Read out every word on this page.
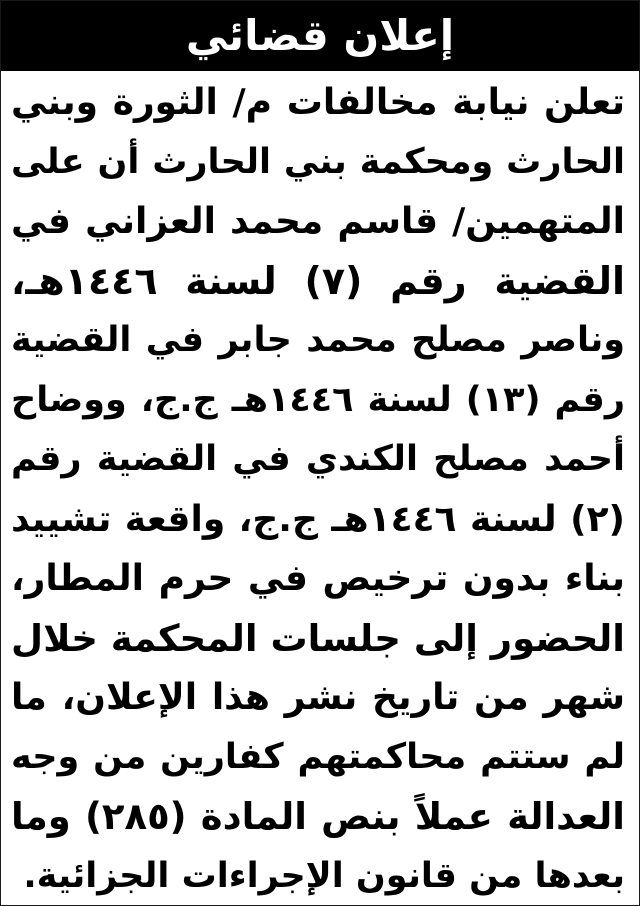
إعلان قضائي
تعلن نيابة مخالفات م/ الثورة وبني
الحارث ومحكمة بني الحارث أن على
المتهمين/ قاسم محمد العزاني في
القضية رقم (٧) لسنة ١٤٤٦هـ،
وناصر مصلح محمد جابر في القضية
رقم (١٣) لسنة ١٤٤٦هـ ج.ج، ووضاح
أحمد مصلح الكندي في القضية رقم
(٢) لسنة ١٤٤٦هـ ج.ج، واقعة تشييد
بناء بدون ترخيص في حرم المطار،
الحضور إلى جلسات المحكمة خلال
شهر من تاريخ نشر هذا الإعلان، ما
لم ستتم محاكمتهم كفارين من وجه
العدالة عملاً بنص المادة (٢٨٥) وما
بعدها من قانون الإجراءات الجزائية.
